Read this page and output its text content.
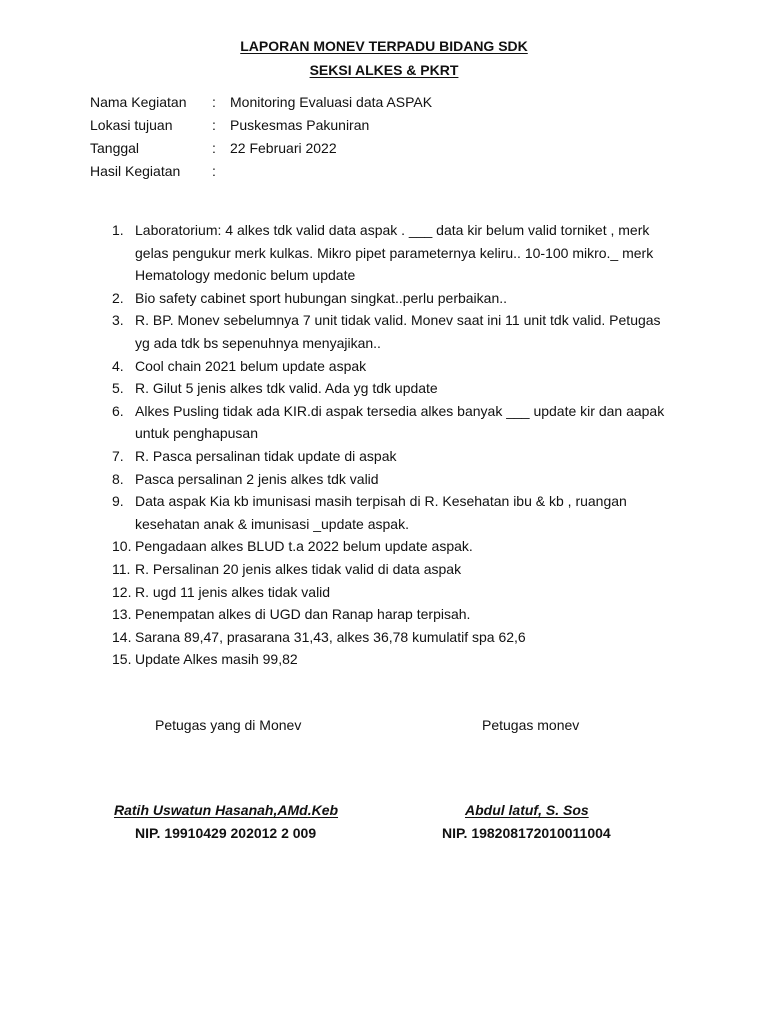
LAPORAN MONEV TERPADU BIDANG SDK
SEKSI ALKES & PKRT
Nama Kegiatan	:	Monitoring Evaluasi data ASPAK
Lokasi tujuan	:	Puskesmas Pakuniran
Tanggal	:	22 Februari 2022
Hasil Kegiatan	:
1. Laboratorium: 4 alkes tdk valid data aspak . ___ data kir belum valid torniket , merk gelas pengukur merk kulkas. Mikro pipet parameternya keliru.. 10-100 mikro._ merk Hematology medonic belum update
2. Bio safety cabinet sport hubungan singkat..perlu perbaikan..
3. R. BP. Monev sebelumnya 7 unit tidak valid. Monev saat ini 11 unit tdk valid. Petugas yg ada tdk bs sepenuhnya menyajikan..
4. Cool chain 2021 belum update aspak
5. R. Gilut 5 jenis alkes tdk valid. Ada yg tdk update
6. Alkes Pusling tidak ada KIR.di aspak tersedia alkes banyak ___ update kir dan aapak untuk penghapusan
7. R. Pasca persalinan tidak update di aspak
8. Pasca persalinan 2 jenis alkes tdk valid
9. Data aspak Kia kb imunisasi masih terpisah di R. Kesehatan ibu & kb , ruangan kesehatan anak & imunisasi _update aspak.
10. Pengadaan alkes BLUD t.a 2022 belum update aspak.
11. R. Persalinan 20 jenis alkes tidak valid di data aspak
12. R. ugd 11 jenis alkes tidak valid
13. Penempatan alkes di UGD dan Ranap harap terpisah.
14. Sarana 89,47, prasarana 31,43, alkes 36,78 kumulatif spa 62,6
15. Update Alkes masih 99,82
Petugas yang di Monev	Petugas monev
Ratih Uswatun Hasanah,AMd.Keb	Abdul latuf, S. Sos
NIP. 19910429 202012 2 009	NIP. 198208172010011004
